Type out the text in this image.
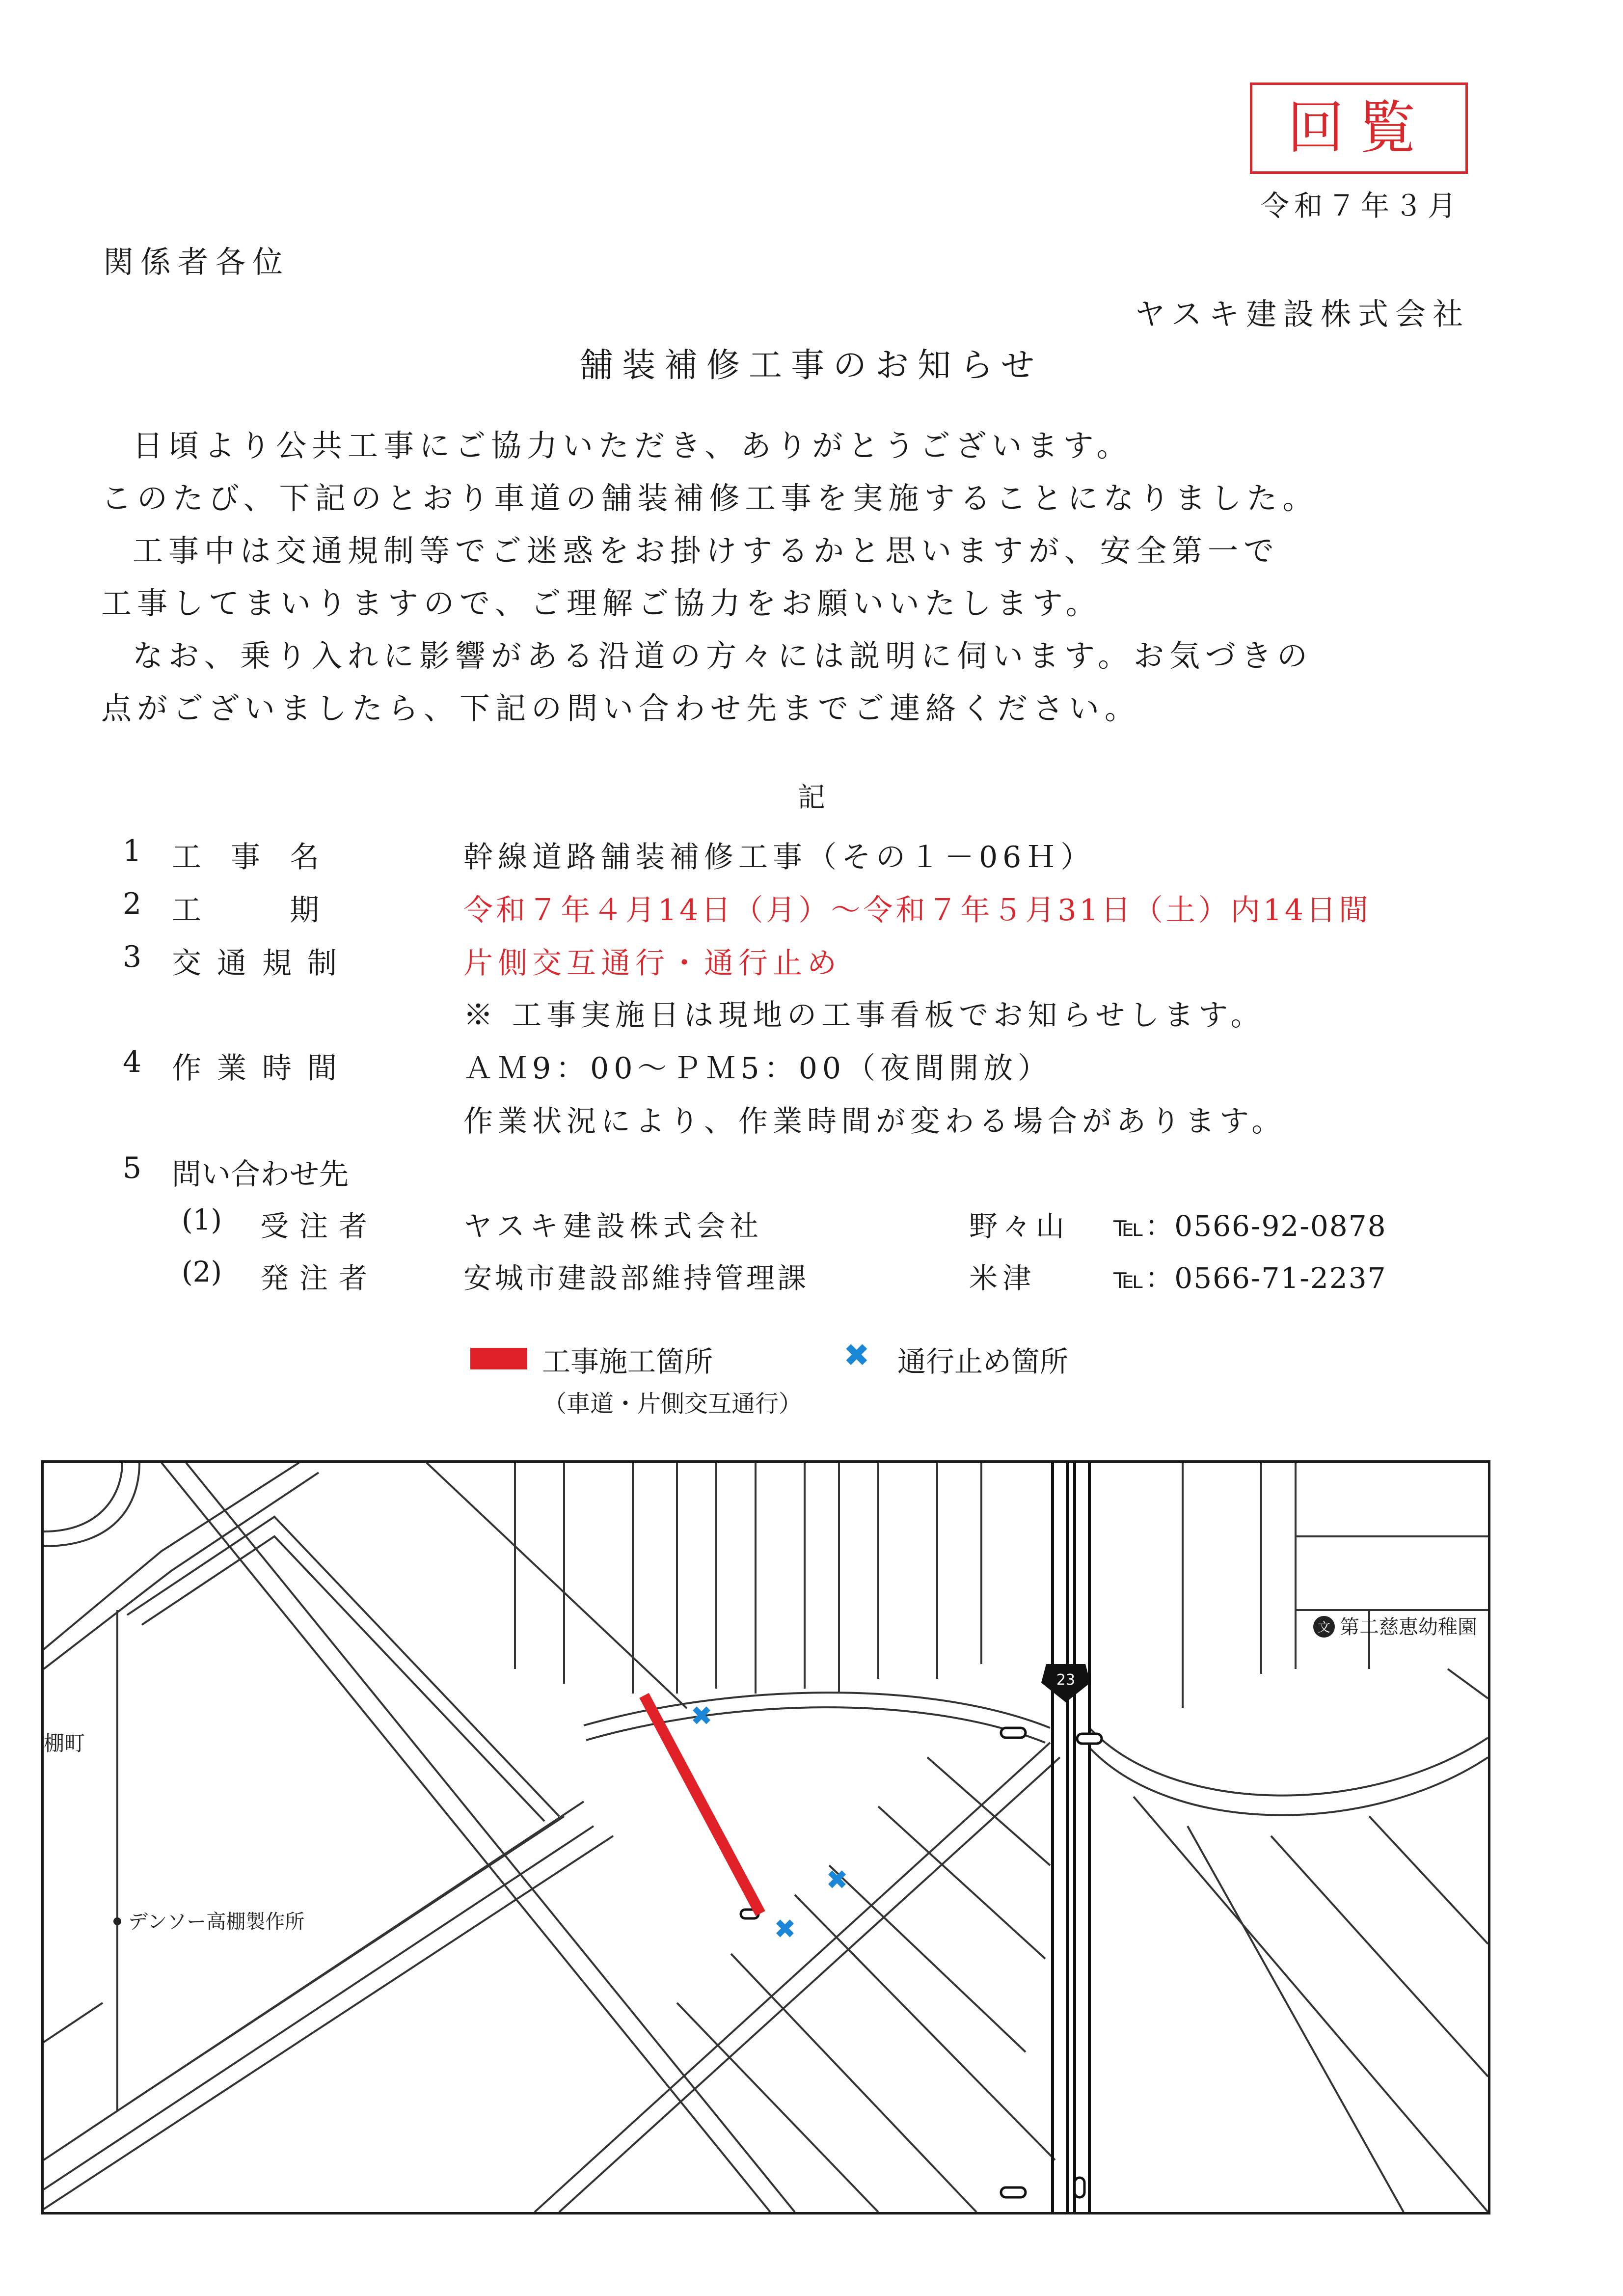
回覧
令和７年３月
関係者各位
ヤスキ建設株式会社
舗装補修工事のお知らせ
日頃より公共工事にご協力いただき、ありがとうございます。
このたび、下記のとおり車道の舗装補修工事を実施することになりました。
工事中は交通規制等でご迷惑をお掛けするかと思いますが、安全第一で
工事してまいりますので、ご理解ご協力をお願いいたします。
なお、乗り入れに影響がある沿道の方々には説明に伺います。お気づきの
点がございましたら、下記の問い合わせ先までご連絡ください。
記
1 工　事　名	幹線道路舗装補修工事（その１－06Ｈ）
2 工　　　期	令和７年４月14日（月）～令和７年５月31日（土）内14日間
3 交通規制	片側交互通行・通行止め
※ 工事実施日は現地の工事看板でお知らせします。
4 作業時間	ＡＭ9：00～ＰＭ5：00（夜間開放）
作業状況により、作業時間が変わる場合があります。
5 問い合わせ先
(1) 受注者	ヤスキ建設株式会社	野々山 ℡：0566-92-0878
(2) 発注者	安城市建設部維持管理課	米津	℡：0566-71-2237
工事施工箇所
（車道・片側交互通行）
✖ 通行止め箇所
23
✖
✖
✖
文 第二慈恵幼稚園
デンソー高棚製作所
棚町
